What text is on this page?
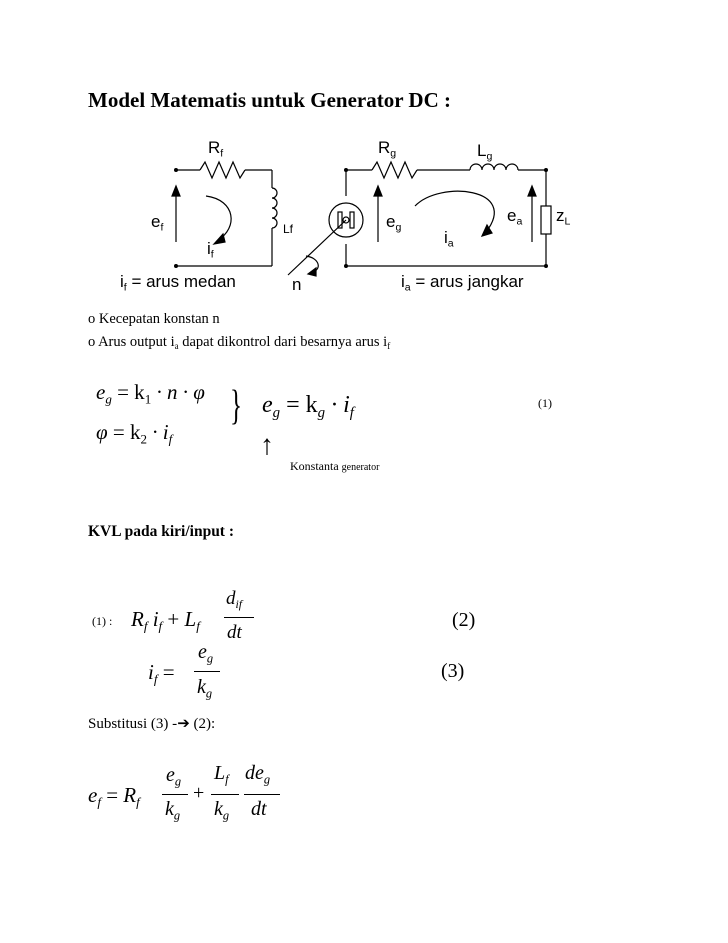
Model Matematis untuk Generator DC :
$R_f$	$R_g$	$L_g$
$e_f$
$i_f$
Lf	$e_g$
$i_a$
$e_a$ $z_L$
n
$i_f$ = arus medan	$i_a$ = arus jangkar
o Kecepatan konstan n
o Arus output $i_a$ dapat dikontrol dari besarnya arus $i_f$
$e_g = k_1 \cdot n \cdot \varphi$
$\varphi = k_2 \cdot i_f$
} $e_g = k_g \cdot i_f$
(1)
↑
Konstanta generator
KVL pada kiri/input :
(1) : $R_f$ $i_f + L_f$
$d_{if}$
dt
(2)
$i_f$ =
$e_g$
$k_g$
(3)
Substitusi (3) -➔ (2):
$e_f = R_f$
$e_g$
$k_g$
+
$L_f$
$k_g$
$de_g$
dt
